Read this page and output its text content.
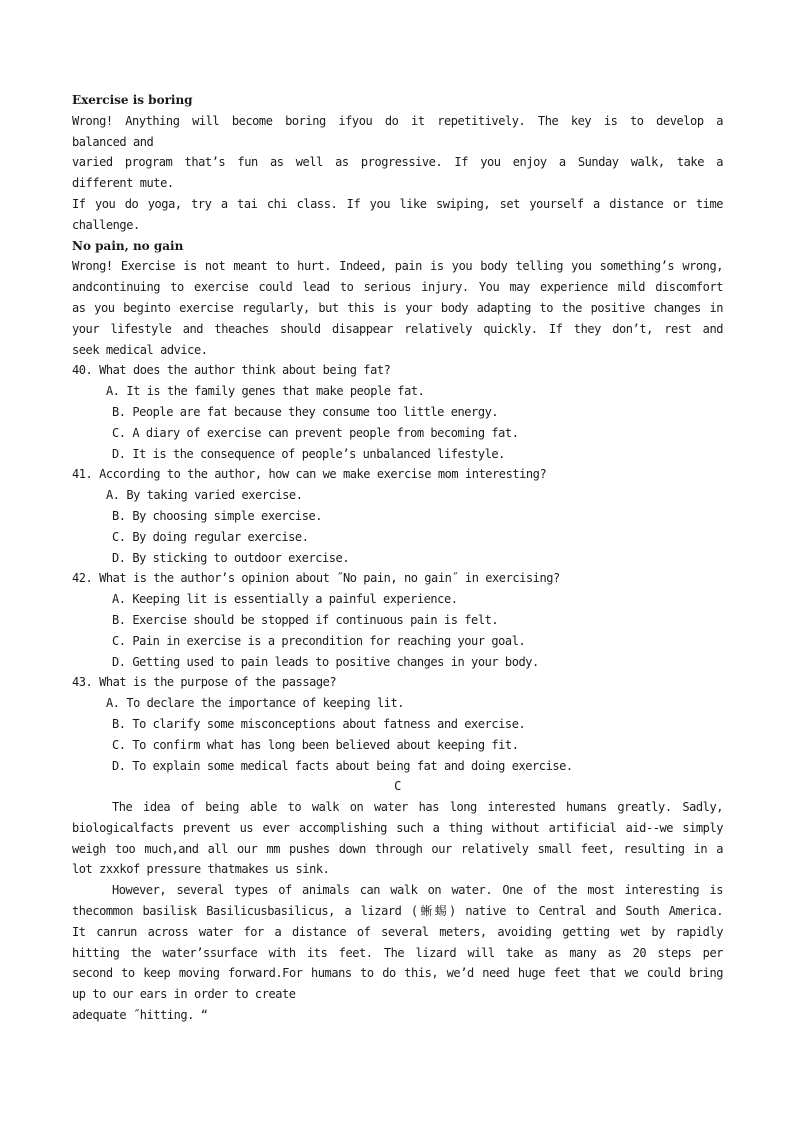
Exercise is boring
Wrong! Anything will become boring ifyou do it repetitively. The key is to develop a
balanced and
varied program that’s fun as well as progressive. If you enjoy a Sunday walk, take a
different mute.
If you do yoga, try a tai chi class. If you like swiping, set yourself a distance or time
challenge.
No pain, no gain
Wrong! Exercise is not meant to hurt. Indeed, pain is you body telling you something’s wrong,
andcontinuing to exercise could lead to serious injury. You may experience mild discomfort
as you beginto exercise regularly, but this is your body adapting to the positive changes in
your lifestyle and theaches should disappear relatively quickly. If they don’t, rest and
seek medical advice.
40. What does the author think about being fat?
A. It is the family genes that make people fat.
B. People are fat because they consume too little energy.
C. A diary of exercise can prevent people from becoming fat.
D. It is the consequence of people’s unbalanced lifestyle.
41. According to the author, how can we make exercise mom interesting?
A. By taking varied exercise.
B. By choosing simple exercise.
C. By doing regular exercise.
D. By sticking to outdoor exercise.
42. What is the author’s opinion about ˝No pain, no gain˝ in exercising?
A. Keeping lit is essentially a painful experience.
B. Exercise should be stopped if continuous pain is felt.
C. Pain in exercise is a precondition for reaching your goal.
D. Getting used to pain leads to positive changes in your body.
43. What is the purpose of the passage?
A. To declare the importance of keeping lit.
B. To clarify some misconceptions about fatness and exercise.
C. To confirm what has long been believed about keeping fit.
D. To explain some medical facts about being fat and doing exercise.
C
The idea of being able to walk on water has long interested humans greatly. Sadly,
biologicalfacts prevent us ever accomplishing such a thing without artificial aid--we simply
weigh too much,and all our mm pushes down through our relatively small feet, resulting in a
lot zxxkof pressure thatmakes us sink.
However, several types of animals can walk on water. One of the most interesting is
thecommon basilisk Basilicusbasilicus, a lizard (蜥蜴) native to Central and South America.
It canrun across water for a distance of several meters, avoiding getting wet by rapidly
hitting the water’ssurface with its feet. The lizard will take as many as 20 steps per
second to keep moving forward.For humans to do this, we’d need huge feet that we could bring
up to our ears in order to create
adequate ˝hitting. “
